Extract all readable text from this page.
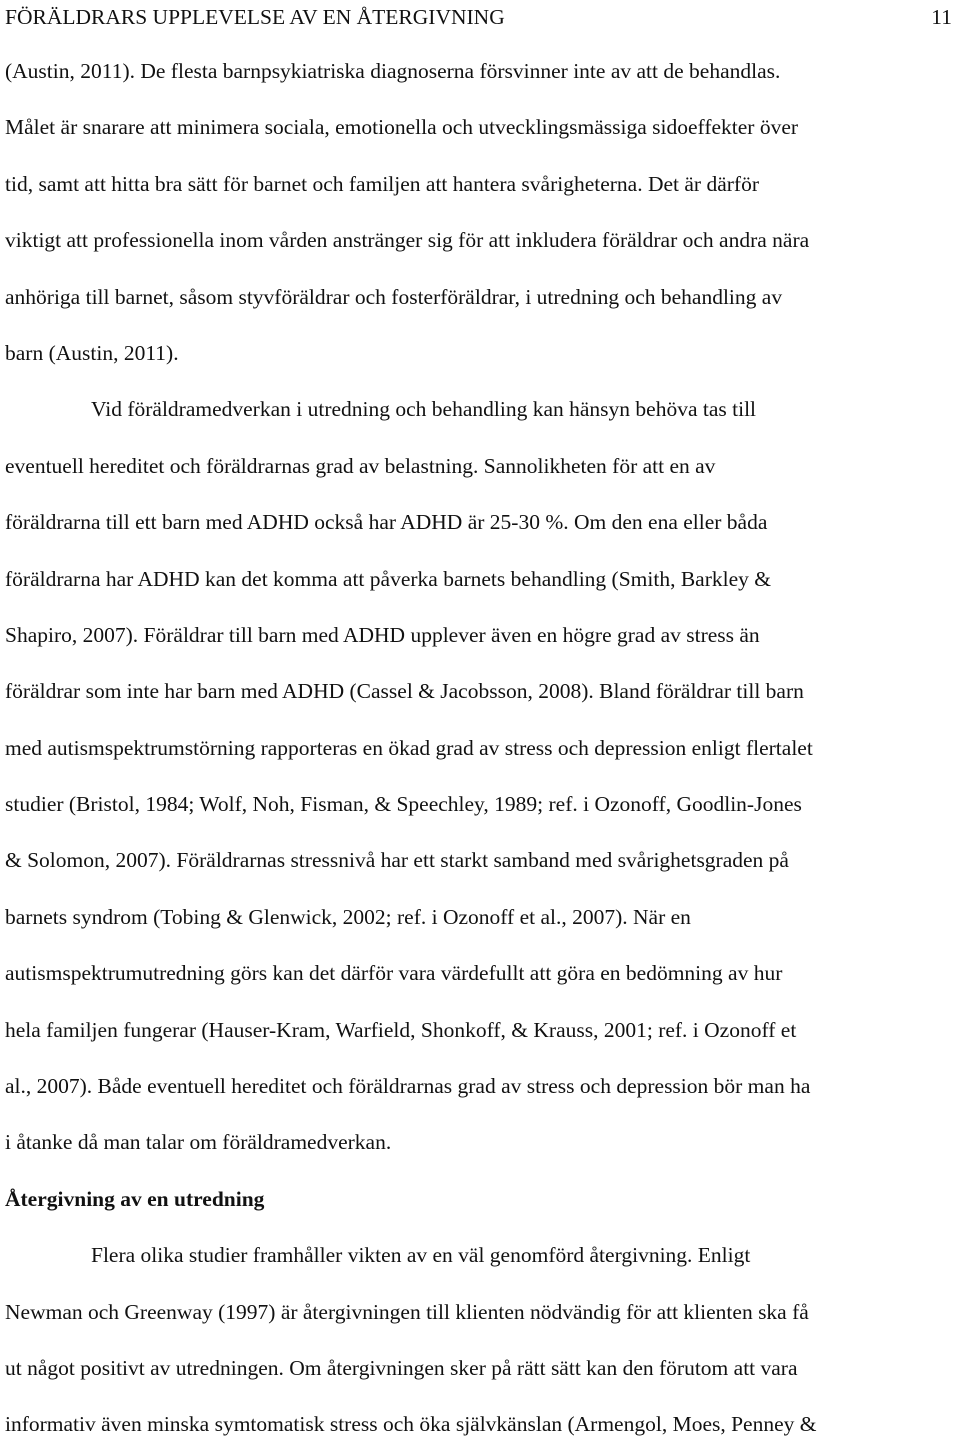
FÖRÄLDRARS UPPLEVELSE AV EN ÅTERGIVNING	11
(Austin, 2011). De flesta barnpsykiatriska diagnoserna försvinner inte av att de behandlas.
Målet är snarare att minimera sociala, emotionella och utvecklingsmässiga sidoeffekter över
tid, samt att hitta bra sätt för barnet och familjen att hantera svårigheterna. Det är därför
viktigt att professionella inom vården anstränger sig för att inkludera föräldrar och andra nära
anhöriga till barnet, såsom styvföräldrar och fosterföräldrar, i utredning och behandling av
barn (Austin, 2011).
Vid föräldramedverkan i utredning och behandling kan hänsyn behöva tas till
eventuell hereditet och föräldrarnas grad av belastning. Sannolikheten för att en av
föräldrarna till ett barn med ADHD också har ADHD är 25-30 %. Om den ena eller båda
föräldrarna har ADHD kan det komma att påverka barnets behandling (Smith, Barkley &
Shapiro, 2007). Föräldrar till barn med ADHD upplever även en högre grad av stress än
föräldrar som inte har barn med ADHD (Cassel & Jacobsson, 2008). Bland föräldrar till barn
med autismspektrumstörning rapporteras en ökad grad av stress och depression enligt flertalet
studier (Bristol, 1984; Wolf, Noh, Fisman, & Speechley, 1989; ref. i Ozonoff, Goodlin-Jones
& Solomon, 2007). Föräldrarnas stressnivå har ett starkt samband med svårighetsgraden på
barnets syndrom (Tobing & Glenwick, 2002; ref. i Ozonoff et al., 2007). När en
autismspektrumutredning görs kan det därför vara värdefullt att göra en bedömning av hur
hela familjen fungerar (Hauser-Kram, Warfield, Shonkoff, & Krauss, 2001; ref. i Ozonoff et
al., 2007). Både eventuell hereditet och föräldrarnas grad av stress och depression bör man ha
i åtanke då man talar om föräldramedverkan.
Återgivning av en utredning
Flera olika studier framhåller vikten av en väl genomförd återgivning. Enligt
Newman och Greenway (1997) är återgivningen till klienten nödvändig för att klienten ska få
ut något positivt av utredningen. Om återgivningen sker på rätt sätt kan den förutom att vara
informativ även minska symtomatisk stress och öka självkänslan (Armengol, Moes, Penney &
